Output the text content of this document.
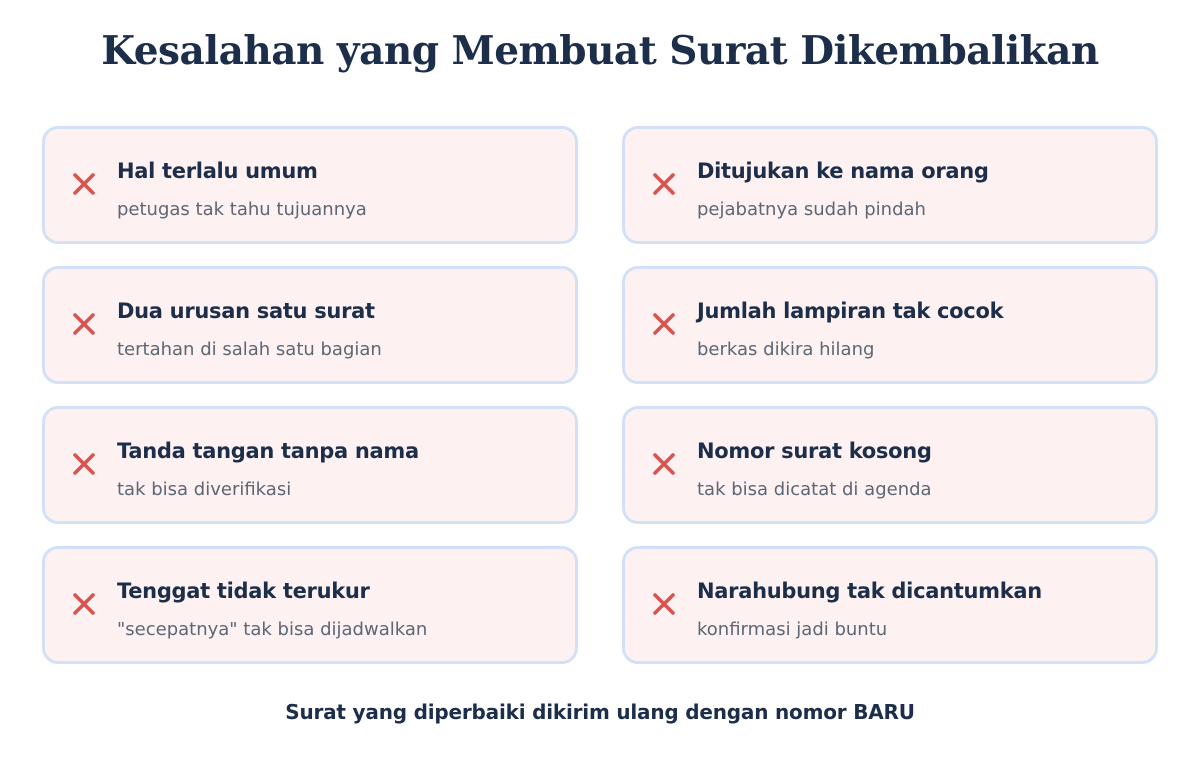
Kesalahan yang Membuat Surat Dikembalikan
Hal terlalu umum
petugas tak tahu tujuannya
Ditujukan ke nama orang
pejabatnya sudah pindah
Dua urusan satu surat
tertahan di salah satu bagian
Jumlah lampiran tak cocok
berkas dikira hilang
Tanda tangan tanpa nama
tak bisa diverifikasi
Nomor surat kosong
tak bisa dicatat di agenda
Tenggat tidak terukur
"secepatnya" tak bisa dijadwalkan
Narahubung tak dicantumkan
konfirmasi jadi buntu
Surat yang diperbaiki dikirim ulang dengan nomor BARU
